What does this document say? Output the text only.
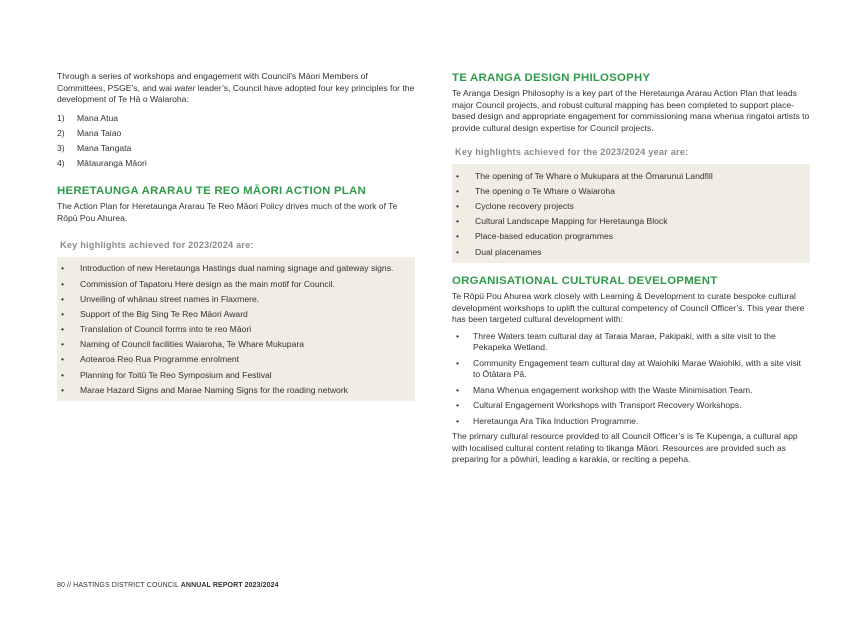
Through a series of workshops and engagement with Council’s Māori Members of Committees, PSGE’s, and wai water leader’s, Council have adopted four key principles for the development of Te Hā o Waiaroha:

1)	Mana Atua
2)	Mana Taiao
3)	Mana Tangata
4)	Mātauranga Māori
HERETAUNGA ARARAU TE REO MĀORI ACTION PLAN

The Action Plan for Heretaunga Ararau Te Reo Māori Policy drives much of the work of Te Rōpū Pou Ahurea.

Key highlights achieved for 2023/2024 are:
•	Introduction of new Heretaunga Hastings dual naming signage and gateway signs.
•	Commission of Tapatoru Here design as the main motif for Council.
•	Unveiling of whānau street names in Flaxmere.
•	Support of the Big Sing Te Reo Māori Award
•	Translation of Council forms into te reo Māori
•	Naming of Council facilities Waiaroha, Te Whare Mukupara
•	Aotearoa Reo Rua Programme enrolment
•	Planning for Toitū Te Reo Symposium and Festival
•	Marae Hazard Signs and Marae Naming Signs for the roading network
TE ARANGA DESIGN PHILOSOPHY

Te Aranga Design Philosophy is a key part of the Heretaunga Ararau Action Plan that leads major Council projects, and robust cultural mapping has been completed to support place-based design and appropriate engagement for commissioning mana whenua ringatoi artists to provide cultural design expertise for Council projects.

Key highlights achieved for the 2023/2024 year are:
•	The opening of Te Whare o Mukupara at the Ōmarunui Landfill
•	The opening o Te Whare o Waiaroha
•	Cyclone recovery projects
•	Cultural Landscape Mapping for Heretaunga Block
•	Place-based education programmes
•	Dual placenames
ORGANISATIONAL CULTURAL DEVELOPMENT

Te Rōpū Pou Ahurea work closely with Learning & Development to curate bespoke cultural development workshops to uplift the cultural competency of Council Officer’s. This year there has been targeted cultural development with:

•	Three Waters team cultural day at Taraia Marae, Pakipaki, with a site visit to the Pekapeka Wetland.
•	Community Engagement team cultural day at Waiohiki Marae Waiohiki, with a site visit to Ōtātara Pā.
•	Mana Whenua engagement workshop with the Waste Minimisation Team.
•	Cultural Engagement Workshops with Transport Recovery Workshops.
•	Heretaunga Ara Tika Induction Programme.

The primary cultural resource provided to all Council Officer’s is Te Kupenga, a cultural app with localised cultural content relating to tikanga Māori. Resources are provided such as preparing for a pōwhiri, leading a karakia, or reciting a pepeha.

80 // HASTINGS DISTRICT COUNCIL ANNUAL REPORT 2023/2024
